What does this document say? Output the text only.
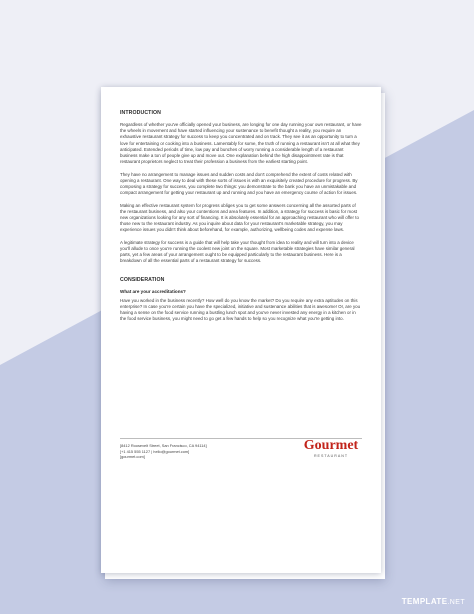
INTRODUCTION

Regardless of whether you've officially opened your business, are longing for one day running your own restaurant, or have the wheels in movement and have started influencing your sustenance to benefit thought a reality, you require an exhaustive restaurant strategy for success to keep you concentrated and on track. They see it as an opportunity to turn a love for entertaining or cooking into a business. Lamentably for some, the truth of running a restaurant isn't at all what they anticipated. Extended periods of time, low pay and bunches of worry running a considerable length of a restaurant business make a ton of people give up and move out. One explanation behind the high disappointment rate is that restaurant proprietors neglect to treat their profession a business from the earliest starting point.

They have no arrangement to manage issues and sudden costs and don't comprehend the extent of costs related with opening a restaurant. One way to deal with these sorts of issues is with an exquisitely created procedure for progress. By composing a strategy for success, you complete two things: you demonstrate to the bank you have an unmistakable and compact arrangement for getting your restaurant up and running and you have an emergency course of action for issues.

Making an effective restaurant system for progress obliges you to get some answers concerning all the assorted parts of the restaurant business, and also your contentions and area features. In addition, a strategy for success is basic for most new organizations looking for any sort of financing. It is absolutely essential for an approaching restaurant who will offer to those new to the restaurant industry. As you inquire about data for your restaurant's marketable strategy, you may experience issues you didn't think about beforehand, for example, authorizing, wellbeing codes and expense laws.

A legitimate strategy for success is a guide that will help take your thought from idea to reality and will turn into a device you'll allude to once you're running the coolest new joint on the square. Most marketable strategies have similar general parts, yet a few areas of your arrangement ought to be equipped particularly to the restaurant business. Here is a breakdown of all the essential parts of a restaurant strategy for success.

CONSIDERATION
What are your accreditations?

Have you worked in the business recently? How well do you know the market? Do you require any extra aptitudes on this enterprise? In case you're certain you have the specialized, initiative and sustenance abilities that is awesome! Or, are you having a sense on the food service running a bustling lunch spot and you've never invested any energy in a kitchen or in the food service business, you might need to go get a few hands to help so you recognize what you're getting into.

[8412 Roosevelt Street, San Francisco, CA 94114]
[+1 415 555 1127 | hello@gourmet.com]
[gourmet.com]
Gourmet
RESTAURANT
TEMPLATE.NET
